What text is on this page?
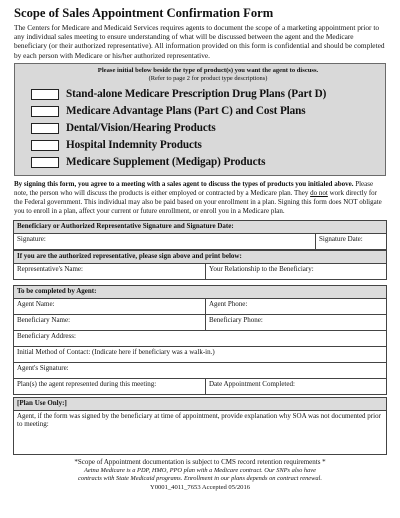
Scope of Sales Appointment Confirmation Form
The Centers for Medicare and Medicaid Services requires agents to document the scope of a marketing appointment prior to any individual sales meeting to ensure understanding of what will be discussed between the agent and the Medicare beneficiary (or their authorized representative). All information provided on this form is confidential and should be completed by each person with Medicare or his/her authorized representative.
Please initial below beside the type of product(s) you want the agent to discuss.
(Refer to page 2 for product type descriptions)
Stand-alone Medicare Prescription Drug Plans (Part D)
Medicare Advantage Plans (Part C) and Cost Plans
Dental/Vision/Hearing Products
Hospital Indemnity Products
Medicare Supplement (Medigap) Products
By signing this form, you agree to a meeting with a sales agent to discuss the types of products you initialed above. Please note, the person who will discuss the products is either employed or contracted by a Medicare plan. They do not work directly for the Federal government. This individual may also be paid based on your enrollment in a plan. Signing this form does NOT obligate you to enroll in a plan, affect your current or future enrollment, or enroll you in a Medicare plan.
Beneficiary or Authorized Representative Signature and Signature Date:
Signature:	Signature Date:
If you are the authorized representative, please sign above and print below:
Representative's Name:	Your Relationship to the Beneficiary:
To be completed by Agent:	
Agent Name:	Agent Phone:
Beneficiary Name:	Beneficiary Phone:
Beneficiary Address:	
Initial Method of Contact: (Indicate here if beneficiary was a walk-in.)	
Agent's Signature:	
Plan(s) the agent represented during this meeting:	Date Appointment Completed:
[Plan Use Only:]
Agent, if the form was signed by the beneficiary at time of appointment, provide explanation why SOA was not documented prior to meeting:
*Scope of Appointment documentation is subject to CMS record retention requirements *
Aetna Medicare is a PDP, HMO, PPO plan with a Medicare contract. Our SNPs also have
contracts with State Medicaid programs. Enrollment in our plans depends on contract renewal.
Y0001_4011_7653 Accepted 05/2016
